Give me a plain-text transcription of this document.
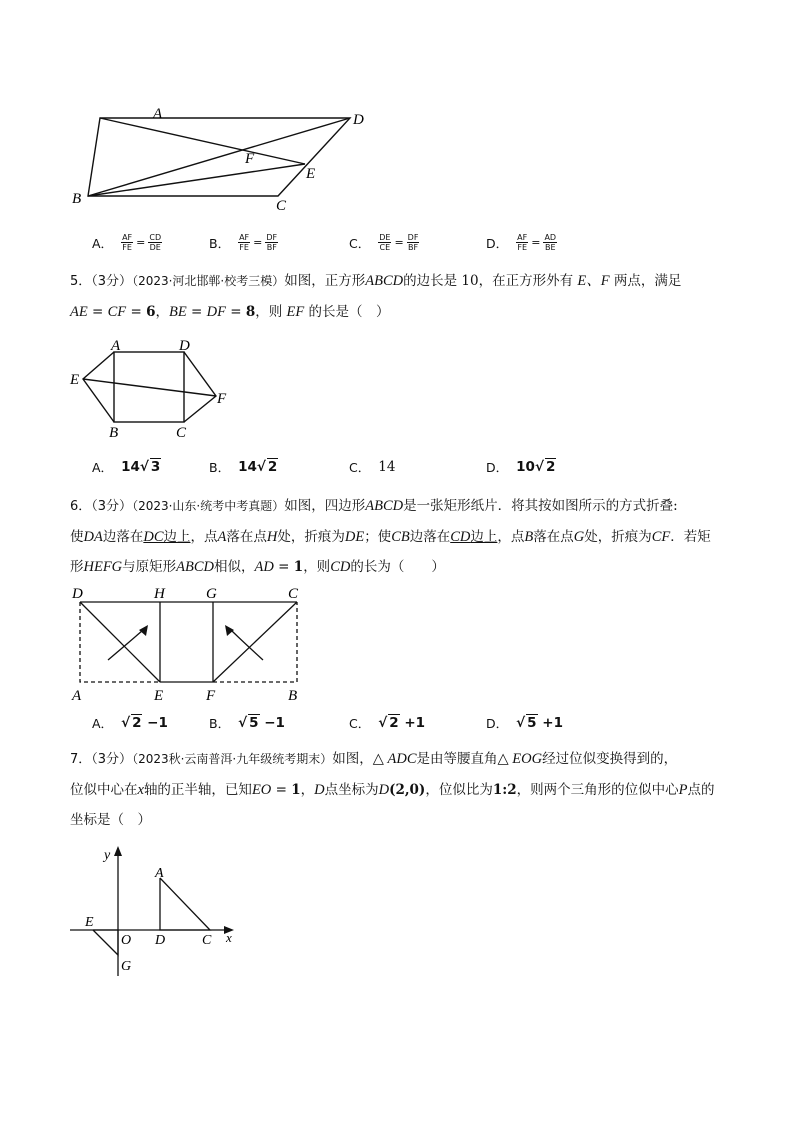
A	D
F
E
B	C
A． $\frac{AF}{FE} = \frac{CD}{DE}$	B． $\frac{AF}{FE} = \frac{DF}{BF}$	C． $\frac{DE}{CE} = \frac{DF}{BF}$	D． $\frac{AF}{FE} = \frac{AD}{BE}$
5．（3分）（2023·河北邯郸·校考三模）如图，正方形ABCD的边长是 10，在正方形外有 E、F 两点，满足
AE = CF = 6，BE = DF = 8，则 EF 的长是（　）
A	D
E
F
B	C
A． 14√ 3	B． 14√ 2	C． 14	D． 10√ 2
6．（3分）（2023·山东·统考中考真题）如图，四边形ABCD是一张矩形纸片．将其按如图所示的方式折叠:
使DA边落在DC边上，点A落在点H处，折痕为DE；使CB边落在CD边上，点B落在点G处，折痕为CF．若矩
形HEFG与原矩形ABCD相似，AD = 1，则CD的长为（　　）
D	H	G	C
A	E	F	B
A． √ 2 −1	B． √ 5 −1	C． √ 2 +1	D． √ 5 +1
7．（3分）（2023秋·云南普洱·九年级统考期末）如图，△ ADC是由等腰直角△ EOG经过位似变换得到的，
位似中心在x轴的正半轴，已知EO = 1，D点坐标为D(2,0)，位似比为1:2，则两个三角形的位似中心P点的
坐标是（　）
y
x
A
E
O D	C
G
